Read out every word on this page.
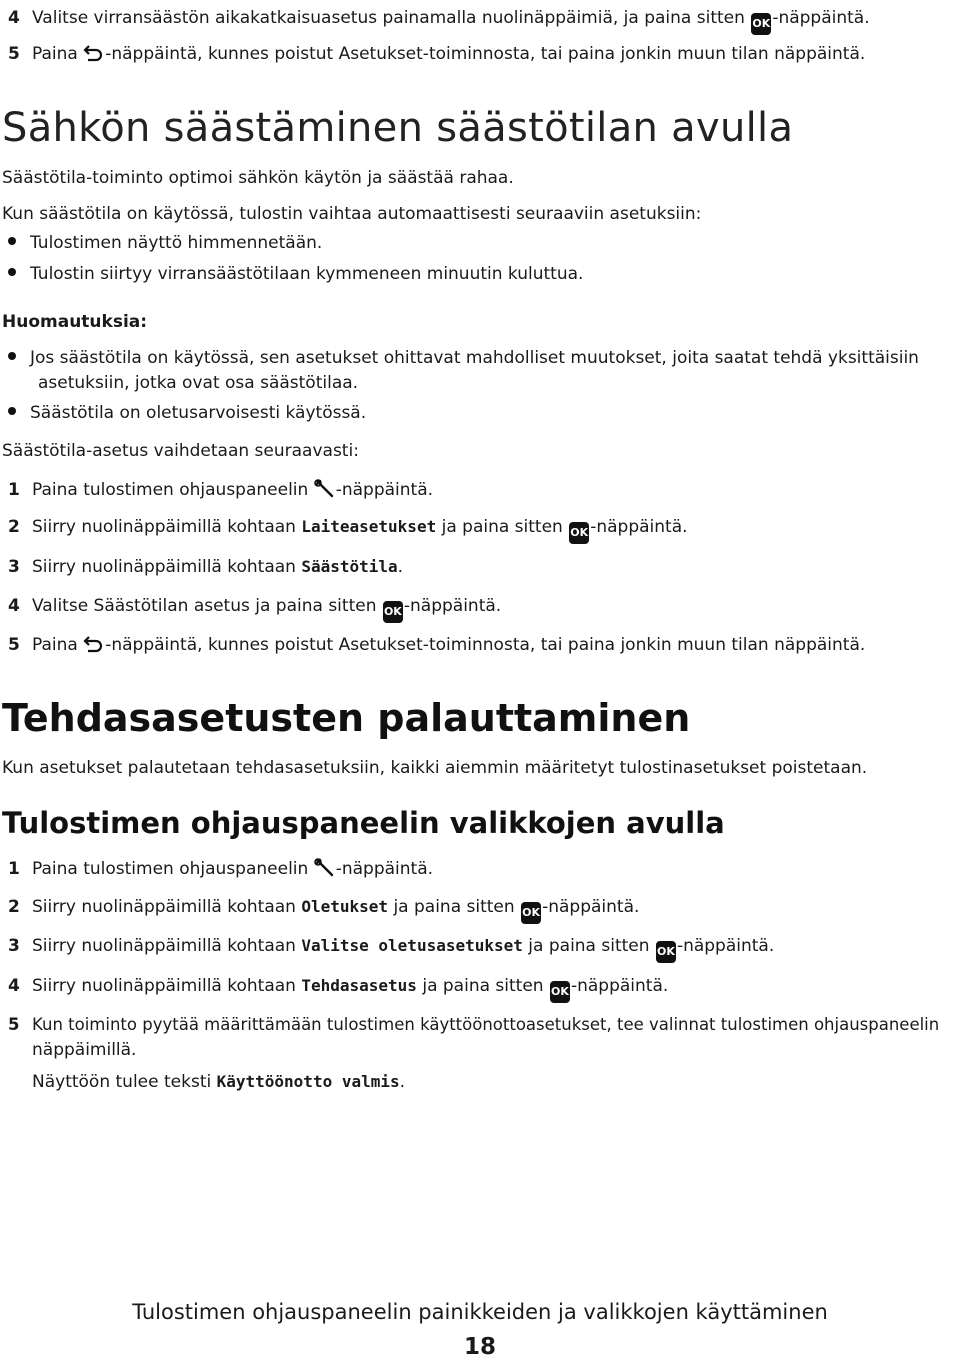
4 Valitse virransäästön aikakatkaisuasetus painamalla nuolinäppäimiä, ja paina sitten OK -näppäintä.
5 Paina -näppäintä, kunnes poistut Asetukset-toiminnosta, tai paina jonkin muun tilan näppäintä.
Sähkön säästäminen säästötilan avulla
Säästötila-toiminto optimoi sähkön käytön ja säästää rahaa.
Kun säästötila on käytössä, tulostin vaihtaa automaattisesti seuraaviin asetuksiin:
Tulostimen näyttö himmennetään.
Tulostin siirtyy virransäästötilaan kymmeneen minuutin kuluttua.
Huomautuksia:
Jos säästötila on käytössä, sen asetukset ohittavat mahdolliset muutokset, joita saatat tehdä yksittäisiin
asetuksiin, jotka ovat osa säästötilaa.
Säästötila on oletusarvoisesti käytössä.
Säästötila-asetus vaihdetaan seuraavasti:
1 Paina tulostimen ohjauspaneelin -näppäintä.
2 Siirry nuolinäppäimillä kohtaan Laiteasetukset ja paina sitten OK -näppäintä.
3 Siirry nuolinäppäimillä kohtaan Säästötila.
4 Valitse Säästötilan asetus ja paina sitten OK -näppäintä.
5 Paina -näppäintä, kunnes poistut Asetukset-toiminnosta, tai paina jonkin muun tilan näppäintä.
Tehdasasetusten palauttaminen
Kun asetukset palautetaan tehdasasetuksiin, kaikki aiemmin määritetyt tulostinasetukset poistetaan.
Tulostimen ohjauspaneelin valikkojen avulla
1 Paina tulostimen ohjauspaneelin -näppäintä.
2 Siirry nuolinäppäimillä kohtaan Oletukset ja paina sitten OK -näppäintä.
3 Siirry nuolinäppäimillä kohtaan Valitse oletusasetukset ja paina sitten OK -näppäintä.
4 Siirry nuolinäppäimillä kohtaan Tehdasasetus ja paina sitten OK -näppäintä.
5 Kun toiminto pyytää määrittämään tulostimen käyttöönottoasetukset, tee valinnat tulostimen ohjauspaneelin
näppäimillä.
Näyttöön tulee teksti Käyttöönotto valmis.
Tulostimen ohjauspaneelin painikkeiden ja valikkojen käyttäminen
18
